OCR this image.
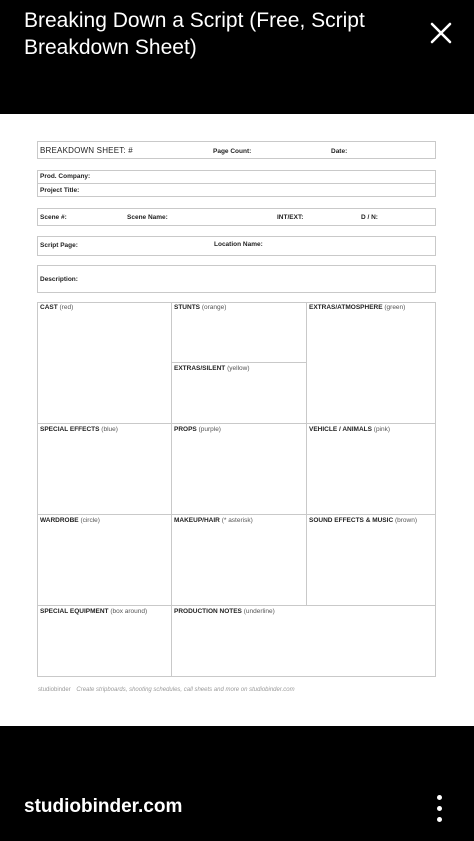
Breaking Down a Script (Free, Script Breakdown Sheet)
BREAKDOWN SHEET: #	Page Count:	Date:
Prod. Company:
Project Title:
Scene #:	Scene Name:	INT/EXT:	D / N:
Script Page:	Location Name:
Description:
CAST (red)	STUNTS (orange)	EXTRAS/ATMOSPHERE (green)
EXTRAS/SILENT (yellow)
SPECIAL EFFECTS (blue)	PROPS (purple)	VEHICLE / ANIMALS (pink)
WARDROBE (circle)	MAKEUP/HAIR (* asterisk)	SOUND EFFECTS & MUSIC (brown)
SPECIAL EQUIPMENT (box around)	PRODUCTION NOTES (underline)
studiobinder Create stripboards, shooting schedules, call sheets and more on studiobinder.com
studiobinder.com
